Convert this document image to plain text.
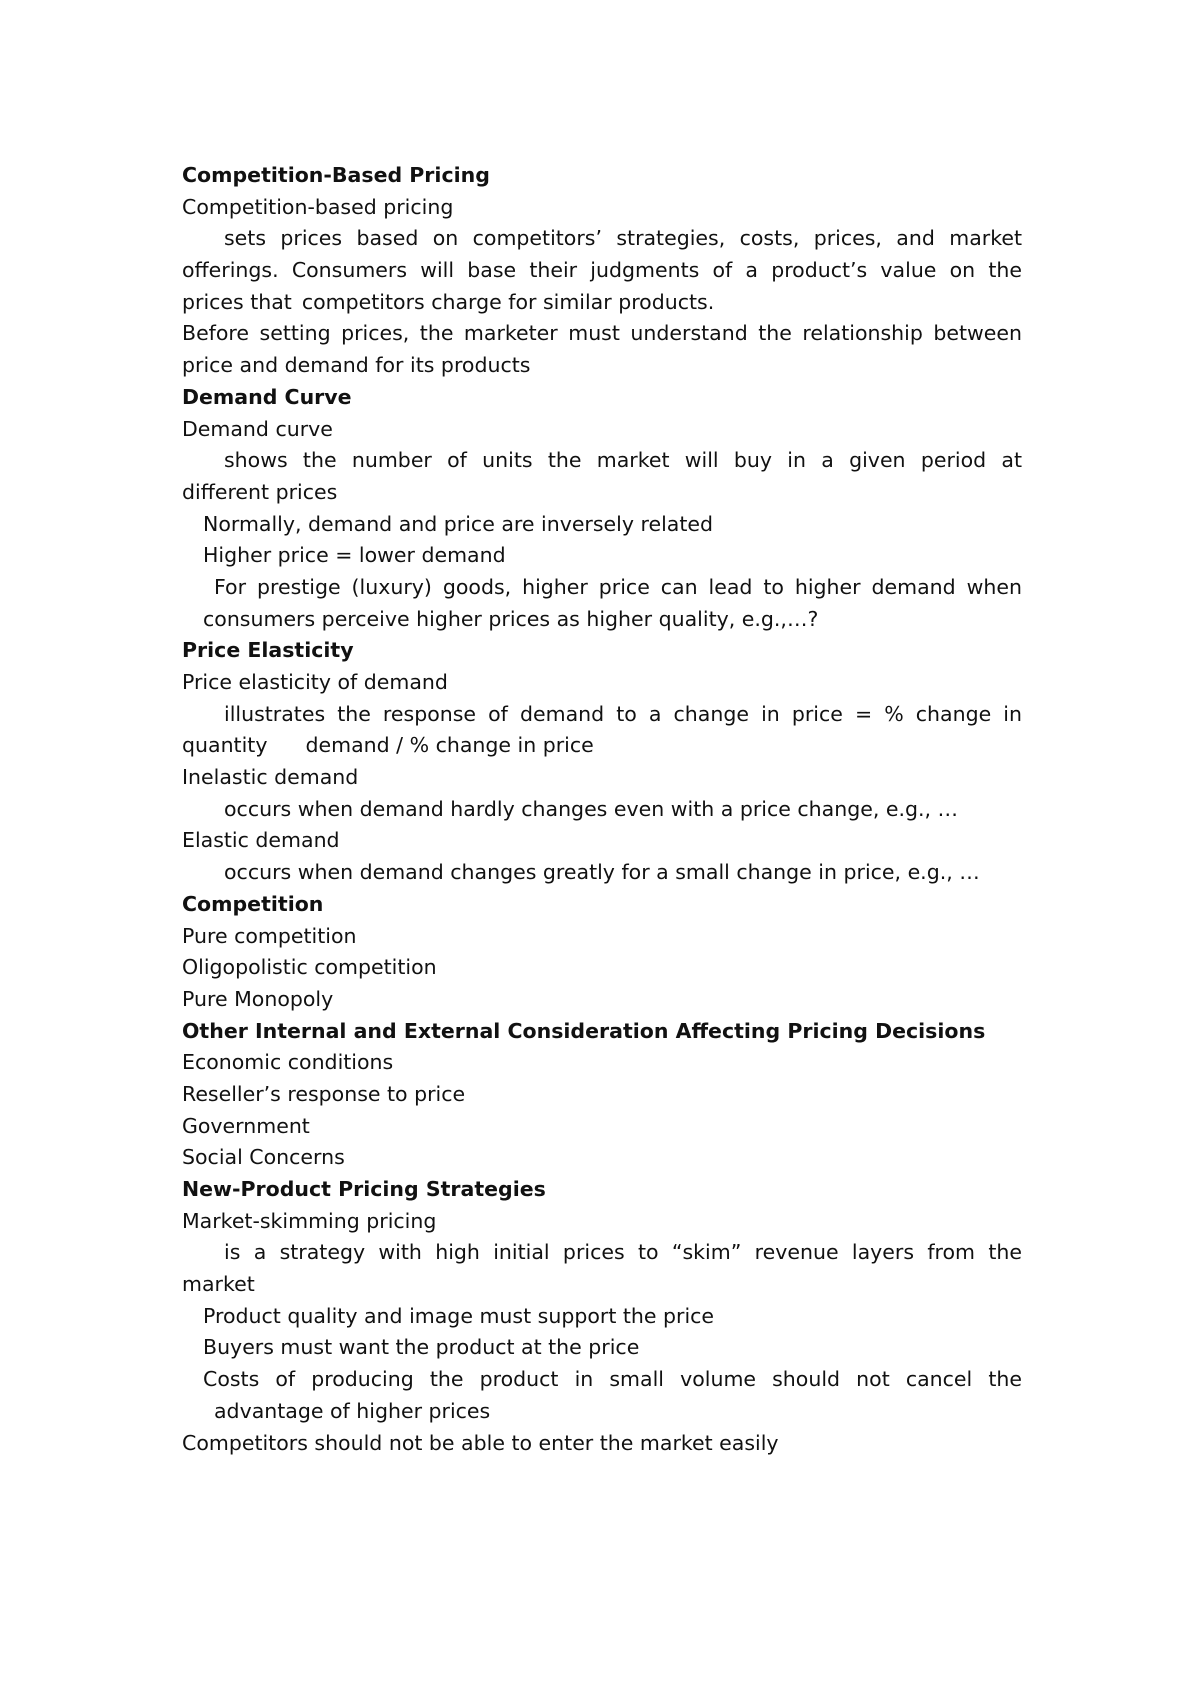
Competition-Based Pricing
Competition-based pricing
sets prices based on competitors’ strategies, costs, prices, and market
offerings. Consumers will base their judgments of a product’s value on the
prices that competitors charge for similar products.
Before setting prices, the marketer must understand the relationship between
price and demand for its products
Demand Curve
Demand curve
shows the number of units the market will buy in a given period at
different prices
Normally, demand and price are inversely related
Higher price = lower demand
For prestige (luxury) goods, higher price can lead to higher demand when
consumers perceive higher prices as higher quality, e.g.,…?
Price Elasticity
Price elasticity of demand
illustrates the response of demand to a change in price = % change in
quantity demand / % change in price
Inelastic demand
occurs when demand hardly changes even with a price change, e.g., …
Elastic demand
occurs when demand changes greatly for a small change in price, e.g., …
Competition
Pure competition
Oligopolistic competition
Pure Monopoly
Other Internal and External Consideration Affecting Pricing Decisions
Economic conditions
Reseller’s response to price
Government
Social Concerns
New-Product Pricing Strategies
Market-skimming pricing
is a strategy with high initial prices to “skim” revenue layers from the
market
Product quality and image must support the price
Buyers must want the product at the price
Costs of producing the product in small volume should not cancel the
advantage of higher prices
Competitors should not be able to enter the market easily
